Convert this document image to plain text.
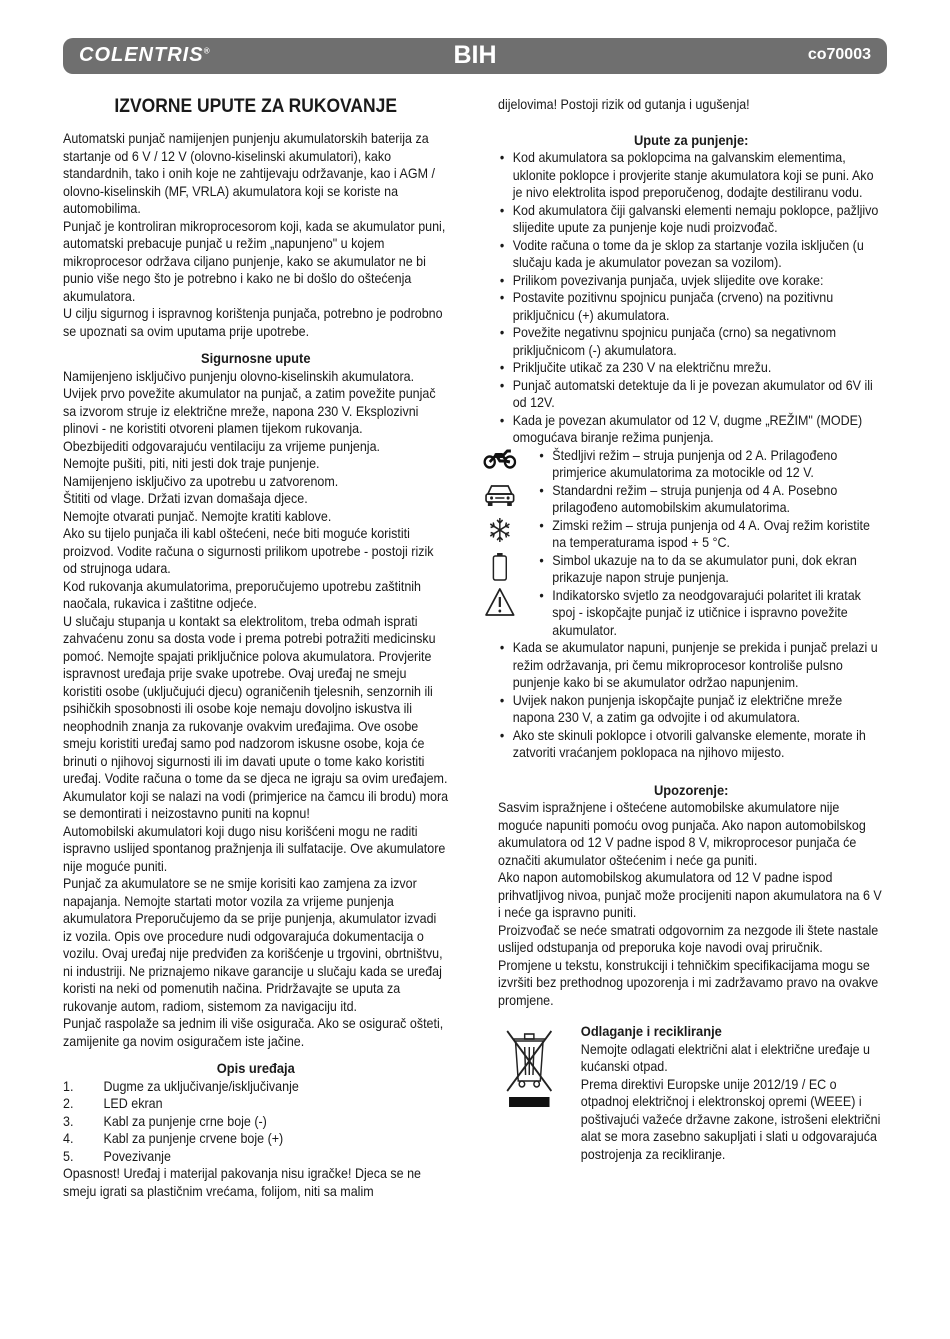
COLENTRIS®	BIH	co70003
IZVORNE UPUTE ZA RUKOVANJE

Automatski punjač namijenjen punjenju akumulatorskih baterija za startanje od 6 V / 12 V (olovno-kiselinski akumulatori), kako standardnih, tako i onih koje ne zahtijevaju održavanje, kao i AGM / olovno-kiselinskih (MF, VRLA) akumulatora koji se koriste na automobilima.

Punjač je kontroliran mikroprocesorom koji, kada se akumulator puni, automatski prebacuje punjač u režim „napunjeno" u kojem mikroprocesor održava ciljano punjenje, kako se akumulator ne bi punio više nego što je potrebno i kako ne bi došlo do oštećenja akumulatora.

U cilju sigurnog i ispravnog korištenja punjača, potrebno je podrobno se upoznati sa ovim uputama prije upotrebe.

Sigurnosne upute

Namijenjeno isključivo punjenju olovno-kiselinskih akumulatora. Uvijek prvo povežite akumulator na punjač, a zatim povežite punjač sa izvorom struje iz električne mreže, napona 230 V. Eksplozivni plinovi - ne koristiti otvoreni plamen tijekom rukovanja.

Obezbijediti odgovarajuću ventilaciju za vrijeme punjenja.

Nemojte pušiti, piti, niti jesti dok traje punjenje.

Namijenjeno isključivo za upotrebu u zatvorenom.

Štititi od vlage. Držati izvan domašaja djece.

Nemojte otvarati punjač. Nemojte kratiti kablove.

Ako su tijelo punjača ili kabl oštećeni, neće biti moguće koristiti proizvod. Vodite računa o sigurnosti prilikom upotrebe - postoji rizik od strujnoga udara.

Kod rukovanja akumulatorima, preporučujemo upotrebu zaštitnih naočala, rukavica i zaštitne odjeće.

U slučaju stupanja u kontakt sa elektrolitom, treba odmah isprati zahvaćenu zonu sa dosta vode i prema potrebi potražiti medicinsku pomoć. Nemojte spajati priključnice polova akumulatora. Provjerite ispravnost uređaja prije svake upotrebe. Ovaj uređaj ne smeju koristiti osobe (uključujući djecu) ograničenih tjelesnih, senzornih ili psihičkih sposobnosti ili osobe koje nemaju dovoljno iskustva ili neophodnih znanja za rukovanje ovakvim uređajima. Ove osobe smeju koristiti uređaj samo pod nadzorom iskusne osobe, koja će brinuti o njihovoj sigurnosti ili im davati upute o tome kako koristiti uređaj. Vodite računa o tome da se djeca ne igraju sa ovim uređajem.

Akumulator koji se nalazi na vodi (primjerice na čamcu ili brodu) mora se demontirati i neizostavno puniti na kopnu!

Automobilski akumulatori koji dugo nisu korišćeni mogu ne raditi ispravno uslijed spontanog pražnjenja ili sulfatacije. Ove akumulatore nije moguće puniti.

Punjač za akumulatore se ne smije korisiti kao zamjena za izvor napajanja. Nemojte startati motor vozila za vrijeme punjenja akumulatora Preporučujemo da se prije punjenja, akumulator izvadi iz vozila. Opis ove procedure nudi odgovarajuća dokumentacija o vozilu. Ovaj uređaj nije predviđen za korišćenje u trgovini, obrtništvu, ni industriji. Ne priznajemo nikave garancije u slučaju kada se uređaj koristi na neki od pomenutih načina. Pridržavajte se uputa za rukovanje autom, radiom, sistemom za navigaciju itd.

Punjač raspolaže sa jednim ili više osigurača. Ako se osigurač ošteti, zamijenite ga novim osiguračem iste jačine.

Opis uređaja
1.	Dugme za uključivanje/isključivanje
2.	LED ekran
3.	Kabl za punjenje crne boje (-)
4.	Kabl za punjenje crvene boje (+)
5.	Povezivanje

Opasnost! Uređaj i materijal pakovanja nisu igračke! Djeca se ne smeju igrati sa plastičnim vrećama, folijom, niti sa malim

dijelovima! Postoji rizik od gutanja i ugušenja!

Upute za punjenje:
• Kod akumulatora sa poklopcima na galvanskim elementima, uklonite poklopce i provjerite stanje akumulatora koji se puni. Ako je nivo elektrolita ispod preporučenog, dodajte destiliranu vodu.
• Kod akumulatora čiji galvanski elementi nemaju poklopce, pažljivo slijedite upute za punjenje koje nudi proizvođač.
• Vodite računa o tome da je sklop za startanje vozila isključen (u slučaju kada je akumulator povezan sa vozilom).
• Prilikom povezivanja punjača, uvjek slijedite ove korake:
• Postavite pozitivnu spojnicu punjača (crveno) na pozitivnu priključnicu (+) akumulatora.
• Povežite negativnu spojnicu punjača (crno) sa negativnom priključnicom (-) akumulatora.
• Priključite utikač za 230 V na električnu mrežu.
• Punjač automatski detektuje da li je povezan akumulator od 6V ili od 12V.
• Kada je povezan akumulator od 12 V, dugme „REŽIM" (MODE) omogućava biranje režima punjenja.
• Štedljivi režim – struja punjenja od 2 A. Prilagođeno primjerice akumulatorima za motocikle od 12 V.
• Standardni režim – struja punjenja od 4 A. Posebno prilagođeno automobilskim akumulatorima.
• Zimski režim – struja punjenja od 4 A. Ovaj režim koristite na temperaturama ispod + 5 °C.
• Simbol ukazuje na to da se akumulator puni, dok ekran prikazuje napon struje punjenja.
• Indikatorsko svjetlo za neodgovarajući polaritet ili kratak spoj - iskopčajte punjač iz utičnice i ispravno povežite akumulator.
• Kada se akumulator napuni, punjenje se prekida i punjač prelazi u režim održavanja, pri čemu mikroprocesor kontroliše pulsno punjenje kako bi se akumulator održao napunjenim.
• Uvijek nakon punjenja iskopčajte punjač iz električne mreže napona 230 V, a zatim ga odvojite i od akumulatora.
• Ako ste skinuli poklopce i otvorili galvanske elemente, morate ih zatvoriti vraćanjem poklopaca na njihovo mijesto.
Upozorenje:

Sasvim ispražnjene i oštećene automobilske akumulatore nije moguće napuniti pomoću ovog punjača. Ako napon automobilskog akumulatora od 12 V padne ispod 8 V, mikroprocesor punjača će označiti akumulator oštećenim i neće ga puniti.

Ako napon automobilskog akumulatora od 12 V padne ispod prihvatljivog nivoa, punjač može procijeniti napon akumulatora na 6 V i neće ga ispravno puniti.

Proizvođač se neće smatrati odgovornim za nezgode ili štete nastale uslijed odstupanja od preporuka koje navodi ovaj priručnik.

Promjene u tekstu, konstrukciji i tehničkim specifikacijama mogu se izvršiti bez prethodnog upozorenja i mi zadržavamo pravo na ovakve promjene.

Odlaganje i recikliranje

Nemojte odlagati električni alat i električne uređaje u kućanski otpad.

Prema direktivi Europske unije 2012/19 / EC o otpadnoj električnoj i elektronskoj opremi (WEEE) i poštivajući važeće državne zakone, istrošeni električni alat se mora zasebno sakupljati i slati u odgovarajuća postrojenja za recikliranje.
